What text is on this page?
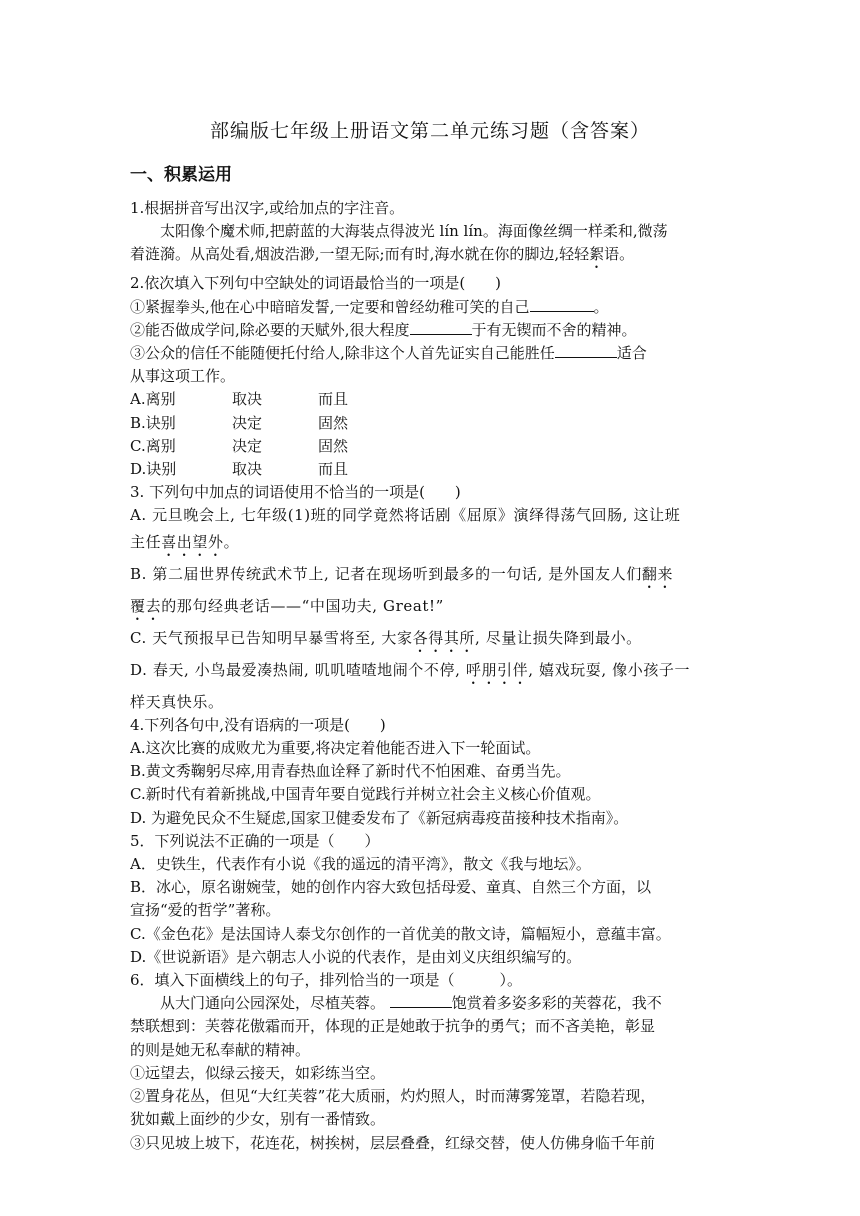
部编版七年级上册语文第二单元练习题（含答案）
一、积累运用
1.根据拼音写出汉字,或给加点的字注音。
太阳像个魔术师,把蔚蓝的大海装点得波光 lín lín。海面像丝绸一样柔和,微荡
着涟漪。从高处看,烟波浩渺,一望无际;而有时,海水就在你的脚边,轻轻絮语。
2.依次填入下列句中空缺处的词语最恰当的一项是(　　)
①紧握拳头,他在心中暗暗发誓,一定要和曾经幼稚可笑的自己	。
②能否做成学问,除必要的天赋外,很大程度	于有无锲而不舍的精神。
③公众的信任不能随便托付给人,除非这个人首先证实自己能胜任	适合
从事这项工作。
A.离别	取决	而且
B.诀别	决定	固然
C.离别	决定	固然
D.诀别	取决	而且
3. 下列句中加点的词语使用不恰当的一项是(　　)
A. 元旦晚会上, 七年级(1)班的同学竟然将话剧《屈原》演绎得荡气回肠, 这让班
主任喜出望外。
B. 第二届世界传统武术节上, 记者在现场听到最多的一句话, 是外国友人们翻来
覆去的那句经典老话——“中国功夫, Great!”
C. 天气预报早已告知明早暴雪将至, 大家各得其所, 尽量让损失降到最小。
D. 春天, 小鸟最爱凑热闹, 叽叽喳喳地闹个不停, 呼朋引伴, 嬉戏玩耍, 像小孩子一
样天真快乐。
4.下列各句中,没有语病的一项是(　　)
A.这次比赛的成败尤为重要,将决定着他能否进入下一轮面试。
B.黄文秀鞠躬尽瘁,用青春热血诠释了新时代不怕困难、奋勇当先。
C.新时代有着新挑战,中国青年要自觉践行并树立社会主义核心价值观。
D. 为避免民众不生疑虑,国家卫健委发布了《新冠病毒疫苗接种技术指南》。
5．下列说法不正确的一项是（　　）
A．史铁生，代表作有小说《我的遥远的清平湾》，散文《我与地坛》。
B．冰心，原名谢婉莹，她的创作内容大致包括母爱、童真、自然三个方面，以
宣扬“爱的哲学”著称。
C.《金色花》是法国诗人泰戈尔创作的一首优美的散文诗，篇幅短小，意蕴丰富。
D.《世说新语》是六朝志人小说的代表作，是由刘义庆组织编写的。
6．填入下面横线上的句子，排列恰当的一项是（　　　）。
从大门通向公园深处，尽植芙蓉。	饱赏着多姿多彩的芙蓉花，我不
禁联想到：芙蓉花傲霜而开，体现的正是她敢于抗争的勇气；而不吝美艳，彰显
的则是她无私奉献的精神。
①远望去，似绿云接天，如彩练当空。
②置身花丛，但见“大红芙蓉”花大质丽，灼灼照人，时而薄雾笼罩，若隐若现，
犹如戴上面纱的少女，别有一番情致。
③只见坡上坡下，花连花，树挨树，层层叠叠，红绿交替，使人仿佛身临千年前
